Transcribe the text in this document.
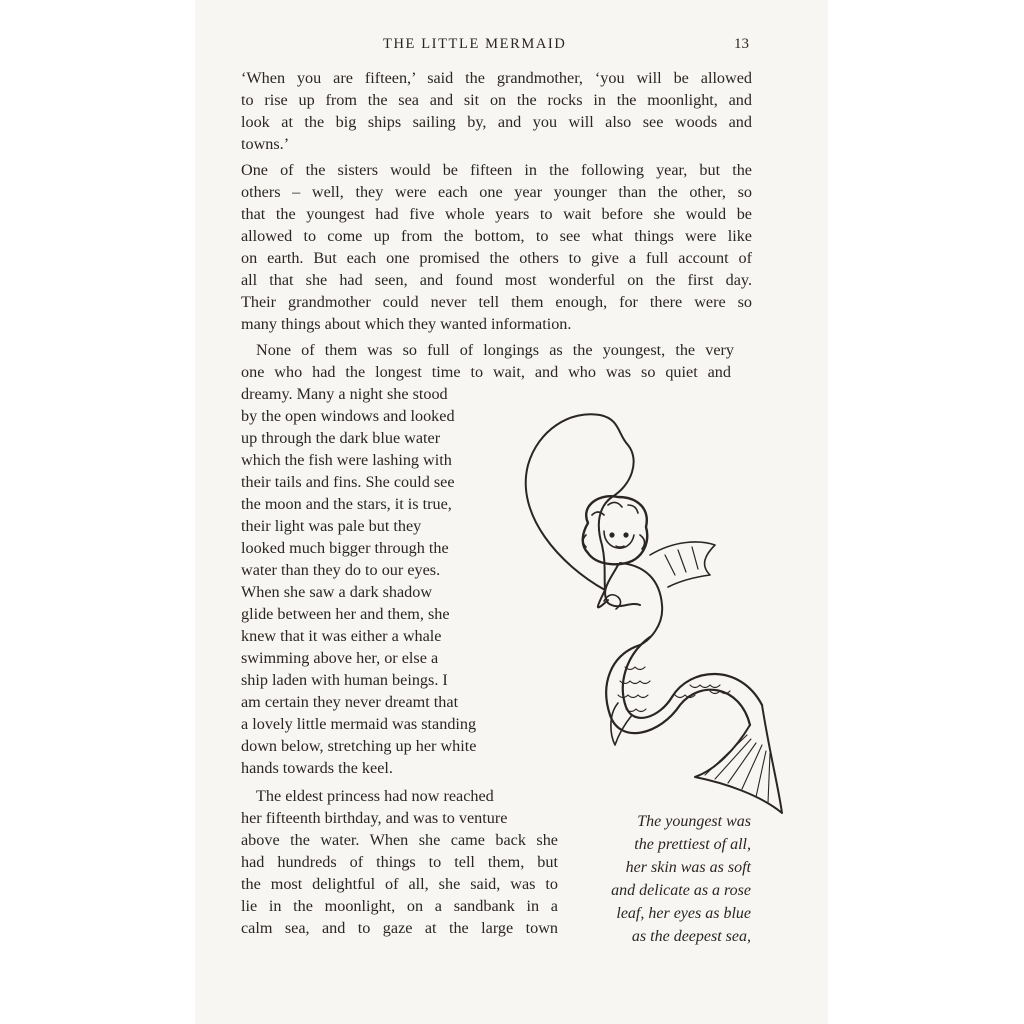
THE LITTLE MERMAID	13
‘When you are fifteen,’ said the grandmother, ‘you will be allowed
to rise up from the sea and sit on the rocks in the moonlight, and
look at the big ships sailing by, and you will also see woods and
towns.’
One of the sisters would be fifteen in the following year, but the
others – well, they were each one year younger than the other, so
that the youngest had five whole years to wait before she would be
allowed to come up from the bottom, to see what things were like
on earth. But each one promised the others to give a full account of
all that she had seen, and found most wonderful on the first day.
Their grandmother could never tell them enough, for there were so
many things about which they wanted information.
None of them was so full of longings as the youngest, the very
one who had the longest time to wait, and who was so quiet and
dreamy. Many a night she stood
by the open windows and looked
up through the dark blue water
which the fish were lashing with
their tails and fins. She could see
the moon and the stars, it is true,
their light was pale but they
looked much bigger through the
water than they do to our eyes.
When she saw a dark shadow
glide between her and them, she
knew that it was either a whale
swimming above her, or else a
ship laden with human beings. I
am certain they never dreamt that
a lovely little mermaid was standing
down below, stretching up her white
hands towards the keel.
The eldest princess had now reached
her fifteenth birthday, and was to venture
above the water. When she came back she
had hundreds of things to tell them, but
the most delightful of all, she said, was to
lie in the moonlight, on a sandbank in a
calm sea, and to gaze at the large town
The youngest was
the prettiest of all,
her skin was as soft
and delicate as a rose
leaf, her eyes as blue
as the deepest sea,
